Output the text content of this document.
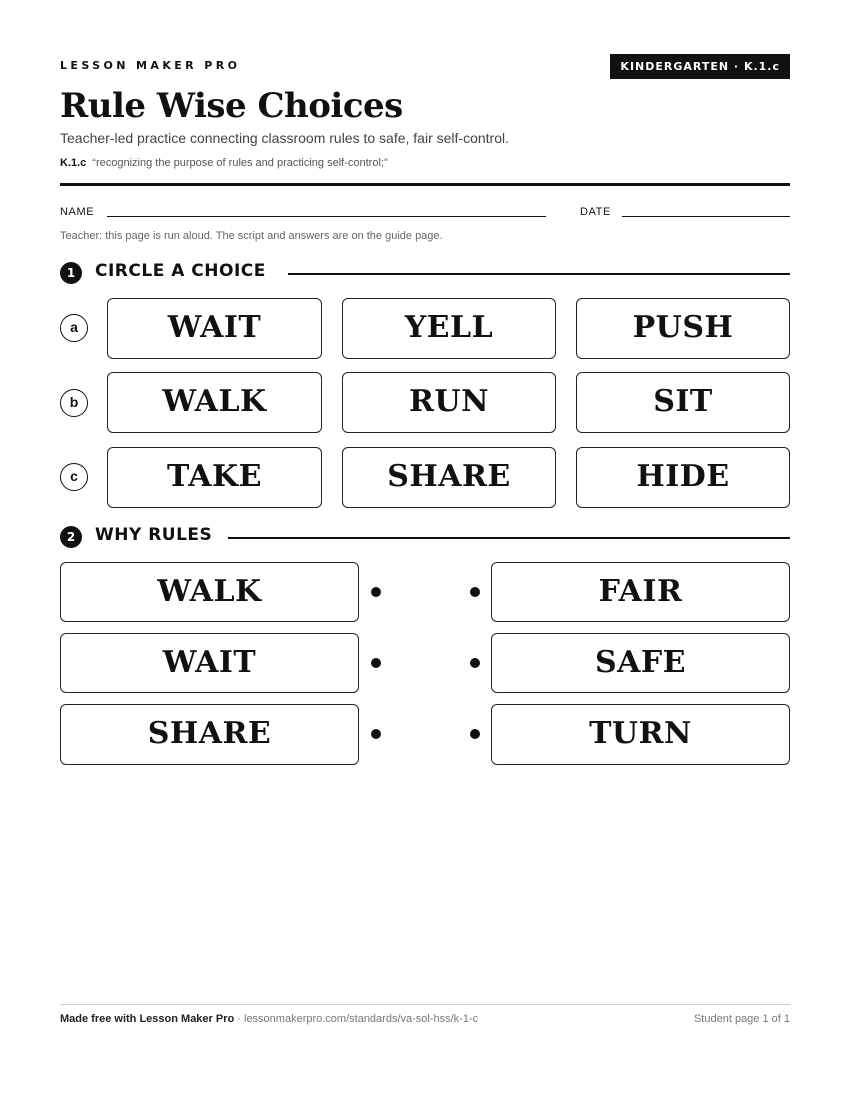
LESSON MAKER PRO	KINDERGARTEN · K.1.c
Rule Wise Choices
Teacher-led practice connecting classroom rules to safe, fair self-control.
K.1.c “recognizing the purpose of rules and practicing self-control;”
NAME	DATE
Teacher: this page is run aloud. The script and answers are on the guide page.
1	CIRCLE A CHOICE
a	WAIT	YELL	PUSH
b	WALK	RUN	SIT
c	TAKE	SHARE	HIDE
2	WHY RULES
WALK	FAIR
WAIT	SAFE
SHARE	TURN
Made free with Lesson Maker Pro · lessonmakerpro.com/standards/va-sol-hss/k-1-c	Student page 1 of 1
